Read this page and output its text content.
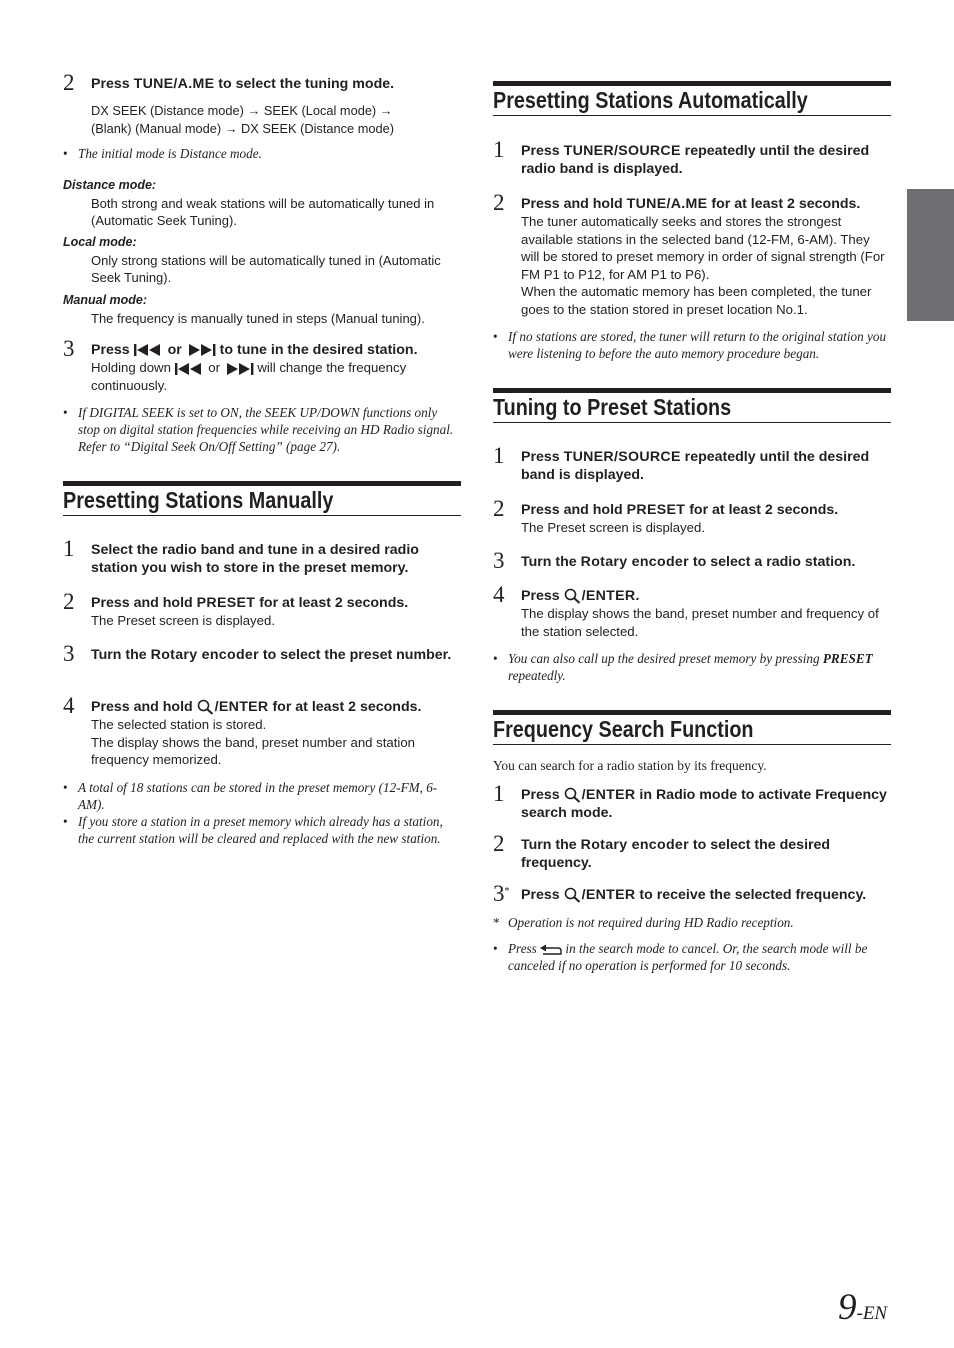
2 Press TUNE/A.ME to select the tuning mode.
DX SEEK (Distance mode) → SEEK (Local mode) →
(Blank) (Manual mode) → DX SEEK (Distance mode)
• The initial mode is Distance mode.
Distance mode:
Both strong and weak stations will be automatically tuned in (Automatic Seek Tuning).
Local mode:
Only strong stations will be automatically tuned in (Automatic Seek Tuning).
Manual mode:
The frequency is manually tuned in steps (Manual tuning).
3 Press	or	to tune in the desired station.
Holding down	or	will change the frequency continuously.
• If DIGITAL SEEK is set to ON, the SEEK UP/DOWN functions only stop on digital station frequencies while receiving an HD Radio signal. Refer to “Digital Seek On/Off Setting” (page 27).
Presetting Stations Manually
1 Select the radio band and tune in a desired radio station you wish to store in the preset memory.
2 Press and hold PRESET for at least 2 seconds.
The Preset screen is displayed.
3 Turn the Rotary encoder to select the preset number.
4 Press and hold /ENTER for at least 2 seconds.
The selected station is stored.
The display shows the band, preset number and station frequency memorized.
• A total of 18 stations can be stored in the preset memory (12-FM, 6-AM).
• If you store a station in a preset memory which already has a station, the current station will be cleared and replaced with the new station.
Presetting Stations Automatically
1 Press TUNER/SOURCE repeatedly until the desired radio band is displayed.
2 Press and hold TUNE/A.ME for at least 2 seconds.
The tuner automatically seeks and stores the strongest available stations in the selected band (12-FM, 6-AM). They will be stored to preset memory in order of signal strength (For FM P1 to P12, for AM P1 to P6).
When the automatic memory has been completed, the tuner goes to the station stored in preset location No.1.
• If no stations are stored, the tuner will return to the original station you were listening to before the auto memory procedure began.
Tuning to Preset Stations
1 Press TUNER/SOURCE repeatedly until the desired band is displayed.
2 Press and hold PRESET for at least 2 seconds.
The Preset screen is displayed.
3 Turn the Rotary encoder to select a radio station.
4 Press /ENTER.
The display shows the band, preset number and frequency of the station selected.
• You can also call up the desired preset memory by pressing PRESET repeatedly.
Frequency Search Function
You can search for a radio station by its frequency.
1 Press /ENTER in Radio mode to activate Frequency search mode.
2 Turn the Rotary encoder to select the desired frequency.
3* Press /ENTER to receive the selected frequency.
* Operation is not required during HD Radio reception.
• Press in the search mode to cancel. Or, the search mode will be canceled if no operation is performed for 10 seconds.
9-EN
